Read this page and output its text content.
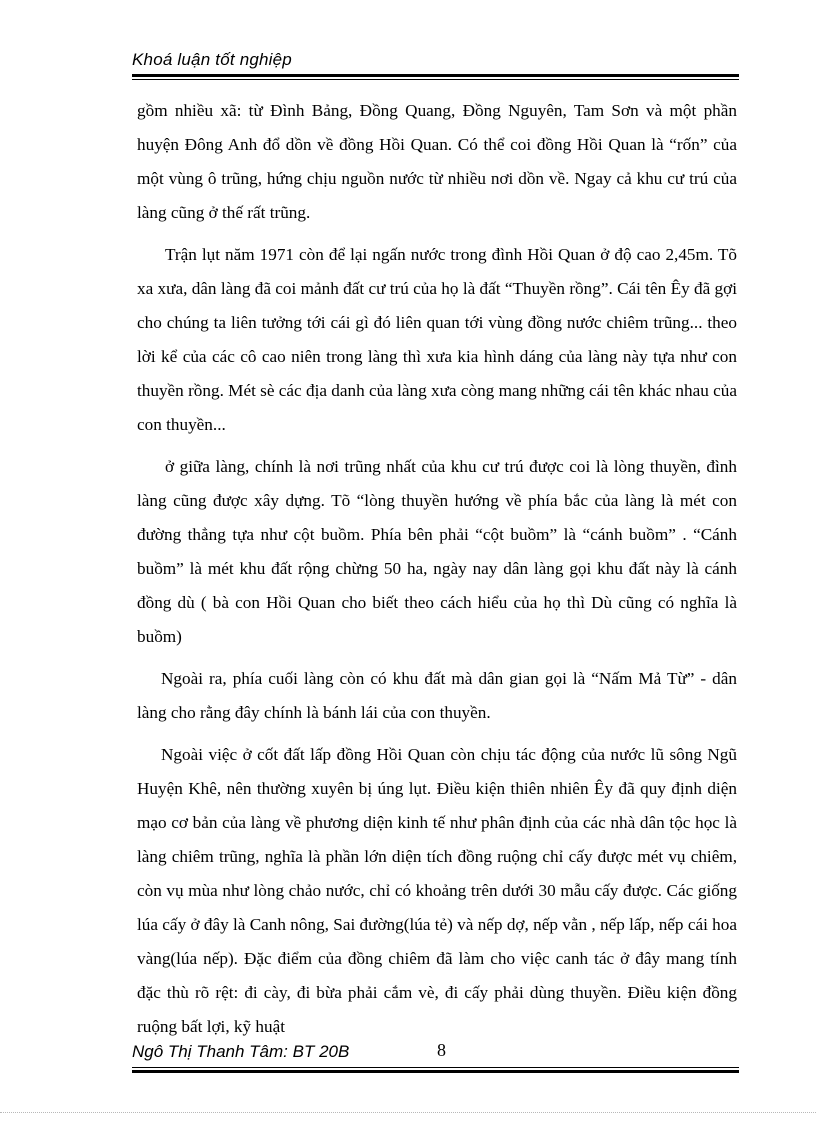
Khoá luận tốt nghiệp

gồm nhiều xã: từ Đình Bảng, Đồng Quang, Đồng Nguyên, Tam Sơn và một phần huyện Đông Anh đổ dồn về đồng Hồi Quan. Có thể coi đồng Hồi Quan là “rốn” của một vùng ô trũng, hứng chịu nguồn nước từ nhiều nơi dồn về. Ngay cả khu cư trú của làng cũng ở thế rất trũng.

Trận lụt năm 1971 còn để lại ngấn nước trong đình Hồi Quan ở độ cao 2,45m. Tõ xa xưa, dân làng đã coi mảnh đất cư trú của họ là đất “Thuyền rồng”. Cái tên Êy đã gợi cho chúng ta liên tưởng tới cái gì đó liên quan tới vùng đồng nước chiêm trũng... theo lời kể của các cô cao niên trong làng thì xưa kia hình dáng của làng này tựa như con thuyền rồng. Mét sè các địa danh của làng xưa còng mang những cái tên khác nhau của con thuyền...

ở giữa làng, chính là nơi trũng nhất của khu cư trú được coi là lòng thuyền, đình làng cũng được xây dựng. Tõ “lòng thuyền hướng về phía bắc của làng là mét con đường thẳng tựa như cột buồm. Phía bên phải “cột buồm” là “cánh buồm” . “Cánh buồm” là mét khu đất rộng chừng 50 ha, ngày nay dân làng gọi khu đất này là cánh đồng dù ( bà con Hồi Quan cho biết theo cách hiểu của họ thì Dù cũng có nghĩa là buồm)

Ngoài ra, phía cuối làng còn có khu đất mà dân gian gọi là “Nấm Mả Từ” - dân làng cho rằng đây chính là bánh lái của con thuyền.

Ngoài việc ở cốt đất lấp đồng Hồi Quan còn chịu tác động của nước lũ sông Ngũ Huyện Khê, nên thường xuyên bị úng lụt. Điều kiện thiên nhiên Êy đã quy định diện mạo cơ bản của làng về phương diện kinh tế như phân định của các nhà dân tộc học là làng chiêm trũng, nghĩa là phần lớn diện tích đồng ruộng chỉ cấy được mét vụ chiêm, còn vụ mùa như lòng chảo nước, chỉ có khoảng trên dưới 30 mẫu cấy được. Các giống lúa cấy ở đây là Canh nông, Sai đường(lúa tẻ) và nếp dợ, nếp vằn , nếp lấp, nếp cái hoa vàng(lúa nếp). Đặc điểm của đồng chiêm đã làm cho việc canh tác ở đây mang tính đặc thù rõ rệt: đi cày, đi bừa phải cắm vè, đi cấy phải dùng thuyền. Điều kiện đồng ruộng bất lợi, kỹ huật

Ngô Thị Thanh Tâm: BT 20B	8
